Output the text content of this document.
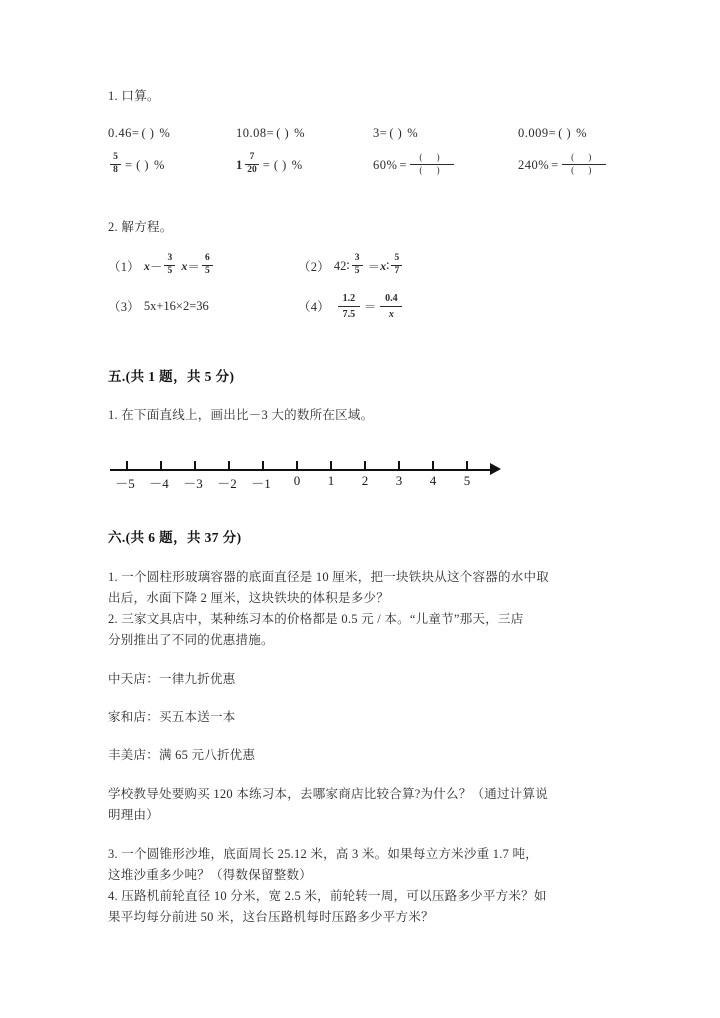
1. 口算。

0.46= ( ) %	10.08= ( ) %	3= ( ) %	0.009= ( ) %
$\frac{5}{8}$ = ( ) %	$1 \frac{7}{20}$ = ( ) %	$60\% = \frac{( )}{( )}$	$240\% = \frac{( )}{( )}$

2. 解方程。

（1） $x - \frac{3}{5}$ $x = \frac{6}{5}$	（2） 42 ∶ $\frac{3}{5} = x$ ∶ $\frac{5}{7}$
（3） 5x+16×2=36	$(4) \frac{1.2}{7.5} = \frac{0.4}{x}$

五.(共 1 题，共 5 分)

1. 在下面直线上，画出比－3 大的数所在区域。

－5 －4 －3 －2 －1 0 1 2 3 4 5

六.(共 6 题，共 37 分)

1. 一个圆柱形玻璃容器的底面直径是 10 厘米，把一块铁块从这个容器的水中取

出后，水面下降 2 厘米，这块铁块的体积是多少？

2. 三家文具店中，某种练习本的价格都是 0.5 元 / 本。“儿童节”那天，三店

分别推出了不同的优惠措施。

中天店：一律九折优惠

家和店：买五本送一本

丰美店：满 65 元八折优惠

学校教导处要购买 120 本练习本，去哪家商店比较合算?为什么？（通过计算说

明理由）

3. 一个圆锥形沙堆，底面周长 25.12 米，高 3 米。如果每立方米沙重 1.7 吨，

这堆沙重多少吨？（得数保留整数）

4. 压路机前轮直径 10 分米，宽 2.5 米，前轮转一周，可以压路多少平方米？如

果平均每分前进 50 米，这台压路机每时压路多少平方米？
